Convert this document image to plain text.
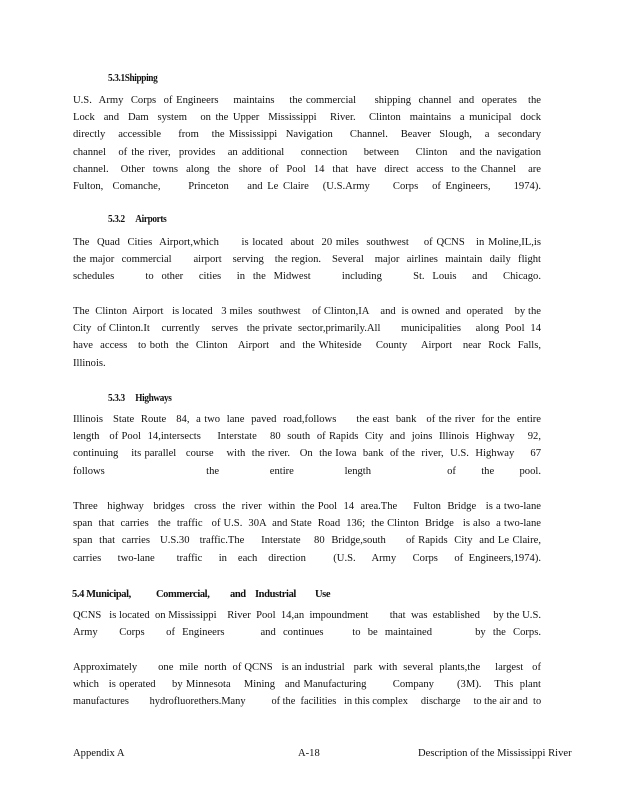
5.3.1Shipping
U.S.  Army  Corps  of Engineers    maintains    the commercial     shipping  channel  and  operates   the
Lock  and  Dam  system   on the Upper  Mississippi   River.   Clinton  maintains  a municipal  dock
directly   accessible    from   the Mississippi  Navigation    Channel.   Beaver  Slough,   a  secondary
channel   of the river,  provides   an additional    connection    between    Clinton   and the navigation
channel.   Other  towns  along  the  shore  of  Pool  14  that  have  direct  access  to the Channel   are
Fulton,  Comanche,      Princeton    and Le Claire   (U.S.Army     Corps   of Engineers,     1974).
5.3.2 Airports
The  Quad  Cities  Airport,which      is located  about  20 miles  southwest    of QCNS   in Moline,IL,is
the major  commercial      airport   serving   the region.   Several   major  airlines  maintain  daily  flight
schedules    to other  cities  in the Midwest    including    St. Louis  and  Chicago.
The  Clinton  Airport   is located   3 miles  southwest    of Clinton,IA    and  is owned  and  operated    by the
City  of Clinton.It    currently    serves   the private  sector,primarily.All       municipalities     along  Pool  14
have  access   to both  the  Clinton   Airport   and  the Whiteside    County    Airport   near  Rock  Falls,
Illinois.
5.3.3 Highways
Illinois   State  Route   84,  a two  lane  paved  road,follows      the east  bank   of the river  for the  entire
length   of Pool  14,intersects     Interstate    80  south  of Rapids  City  and  joins  Illinois  Highway    92,
continuing    its parallel   course    with  the river.   On  the Iowa  bank  of the  river,  U.S.  Highway     67
follows    the  entire  length   of the pool.
Three   highway   bridges   cross  the  river  within  the Pool  14  area.The     Fulton  Bridge   is a two-lane
span  that  carries   the  traffic   of U.S.  30A  and State  Road  136;  the Clinton  Bridge   is also  a two-lane
span  that  carries   U.S.30   traffic.The     Interstate    80  Bridge,south      of Rapids  City  and Le Claire,
carries   two-lane    traffic   in  each  direction     (U.S.   Army   Corps   of Engineers,1974).
5.4 Municipal, Commercial, and Industrial Use
QCNS   is located  on Mississippi    River  Pool  14,an  impoundment        that  was  established     by the U.S.
Army   Corps   of Engineers     and continues    to be maintained      by the Corps.
Approximately       one  mile  north  of QCNS   is an industrial   park  with  several  plants,the     largest   of
which   is operated     by Minnesota    Mining   and Manufacturing        Company       (3M).    This  plant
manufactures        hydrofluorethers.Many          of the  facilities   in this complex     discharge     to the air and  to
Appendix A	A-18	Description of the Mississippi River
